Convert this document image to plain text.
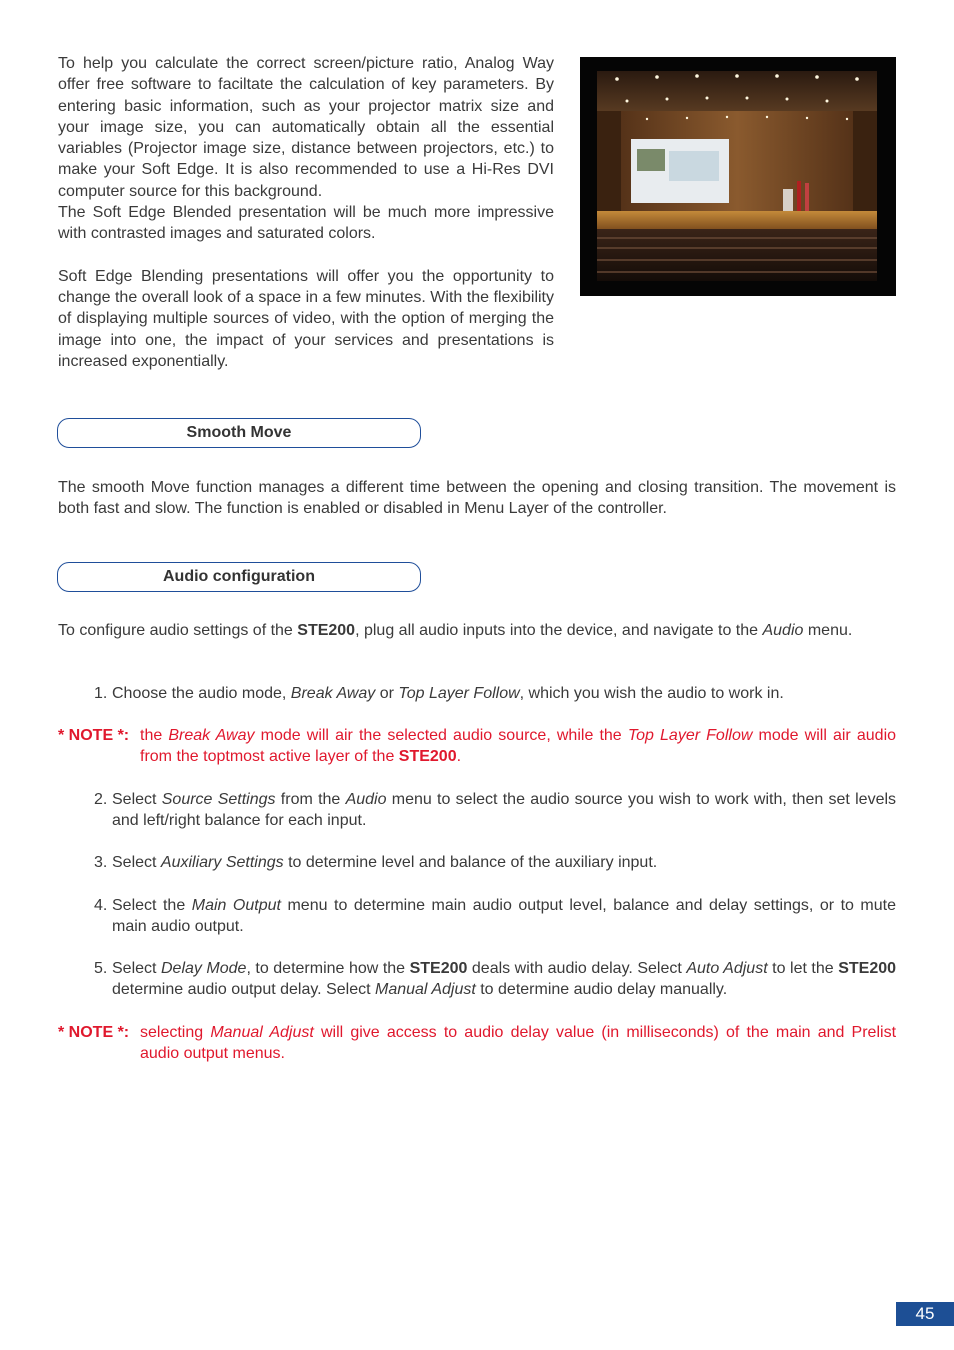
To help you calculate the correct screen/picture ratio, Analog Way offer free software to faciltate the calculation of key parameters. By entering basic information, such as your projector matrix size and your image size, you can automatically obtain all the essential variables (Projector image size, distance between projectors, etc.) to make your Soft Edge. It is also recommended to use a Hi-Res DVI computer source for this background.

The Soft Edge Blended presentation will be much more impressive with contrasted images and saturated colors.

Soft Edge Blending presentations will offer you the opportunity to change the overall look of a space in a few minutes. With the flexibility of displaying multiple sources of video, with the option of merging the image into one, the impact of your services and presentations is increased exponentially.

Smooth Move

The smooth Move function manages a different time between the opening and closing transition. The movement is both fast and slow. The function is enabled or disabled in Menu Layer of the controller.

Audio configuration

To configure audio settings of the STE200, plug all audio inputs into the device, and navigate to the Audio menu.

1. Choose the audio mode, Break Away or Top Layer Follow, which you wish the audio to work in.

* NOTE *: the Break Away mode will air the selected audio source, while the Top Layer Follow mode will air audio from the toptmost active layer of the STE200.

2. Select Source Settings from the Audio menu to select the audio source you wish to work with, then set levels and left/right balance for each input.

3. Select Auxiliary Settings to determine level and balance of the auxiliary input.

4. Select the Main Output menu to determine main audio output level, balance and delay settings, or to mute main audio output.

5. Select Delay Mode, to determine how the STE200 deals with audio delay. Select Auto Adjust to let the STE200 determine audio output delay. Select Manual Adjust to determine audio delay manually.

* NOTE *: selecting Manual Adjust will give access to audio delay value (in milliseconds) of the main and Prelist audio output menus.

45
